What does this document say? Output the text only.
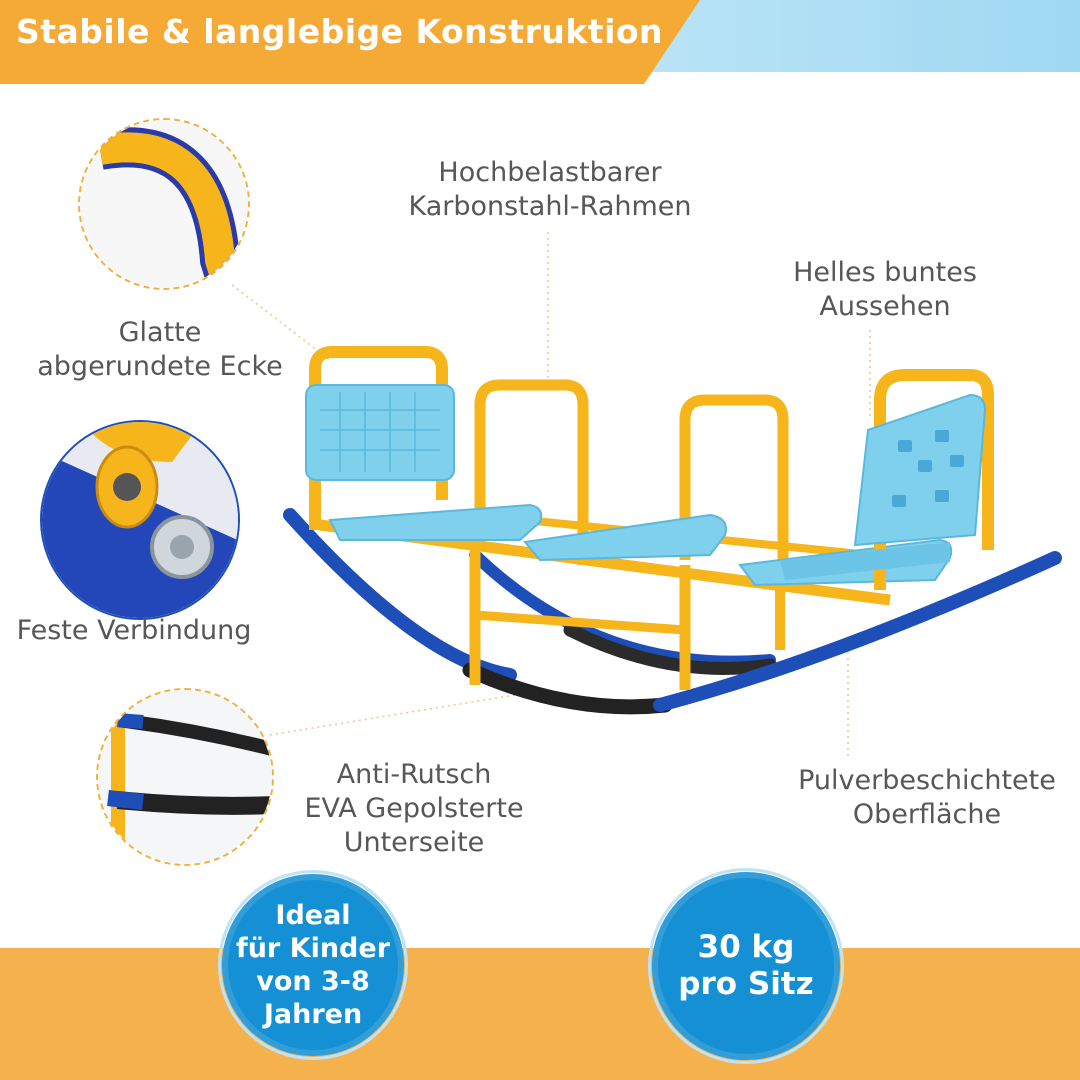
Stabile & langlebige Konstruktion
Hochbelastbarer
Karbonstahl-Rahmen
Helles buntes
Aussehen
Glatte
abgerundete Ecke
Feste Verbindung
Anti-Rutsch
EVA Gepolsterte
Unterseite
Pulverbeschichtete
Oberfläche
Ideal
für Kinder
von 3-8
Jahren
30 kg
pro Sitz
